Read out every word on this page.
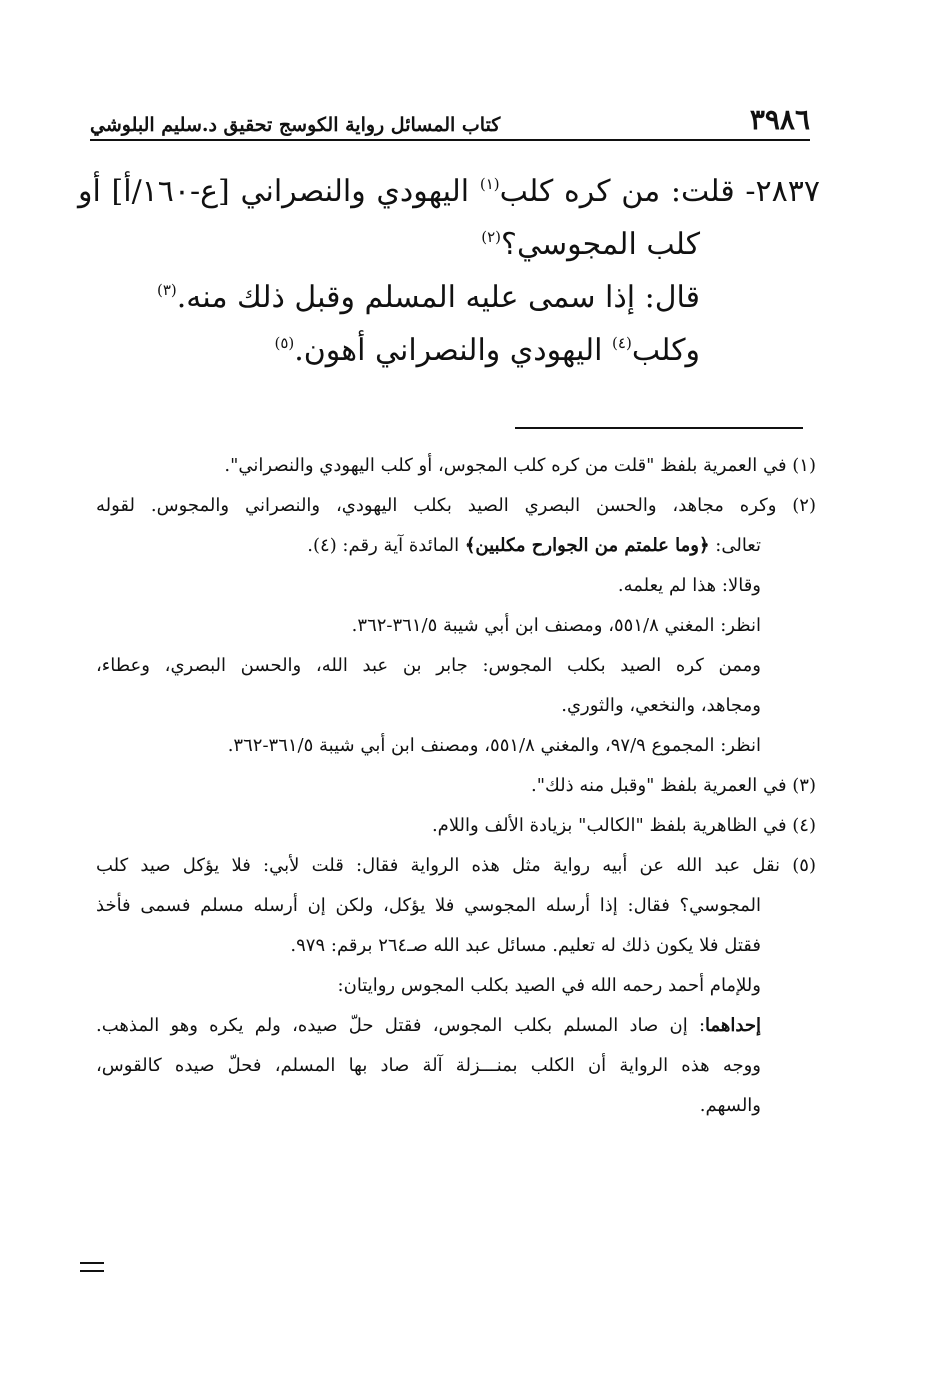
٣٩٨٦
كتاب المسائل رواية الكوسج تحقيق د.سليم البلوشي
٢٨٣٧- قلت: من كره كلب$^{(١)}$ اليهودي والنصراني [ع-١٦٠/أ] أو
كلب المجوسي؟$^{(٢)}$
قال: إذا سمى عليه المسلم وقبل ذلك منه.$^{(٣)}$
وكلب$^{(٤)}$ اليهودي والنصراني أهون.$^{(٥)}$
(١) في العمرية بلفظ "قلت من كره كلب المجوس، أو كلب اليهودي والنصراني".
(٢) وكره مجاهد، والحسن البصري الصيد بكلب اليهودي، والنصراني والمجوس. لقوله
تعالى: ﴿وما علمتم من الجوارح مكلبين﴾ المائدة آية رقم: (٤).
وقالا: هذا لم يعلمه.
انظر: المغني ٥٥١/٨، ومصنف ابن أبي شيبة ٣٦١/٥-٣٦٢.
وممن كره الصيد بكلب المجوس: جابر بن عبد الله، والحسن البصري، وعطاء،
ومجاهد، والنخعي، والثوري.
انظر: المجموع ٩٧/٩، والمغني ٥٥١/٨، ومصنف ابن أبي شيبة ٣٦١/٥-٣٦٢.
(٣) في العمرية بلفظ "وقبل منه ذلك".
(٤) في الظاهرية بلفظ "الكالب" بزيادة الألف واللام.
(٥) نقل عبد الله عن أبيه رواية مثل هذه الرواية فقال: قلت لأبي: فلا يؤكل صيد كلب
المجوسي؟ فقال: إذا أرسله المجوسي فلا يؤكل، ولكن إن أرسله مسلم فسمى فأخذ
فقتل فلا يكون ذلك له تعليم. مسائل عبد الله صـ٢٦٤ برقم: ٩٧٩.
وللإمام أحمد رحمه الله في الصيد بكلب المجوس روايتان:
إحداهما: إن صاد المسلم بكلب المجوس، فقتل حلّ صيده، ولم يكره وهو المذهب.
ووجه هذه الرواية أن الكلب بمنـــزلة آلة صاد بها المسلم، فحلّ صيده كالقوس،
والسهم.
